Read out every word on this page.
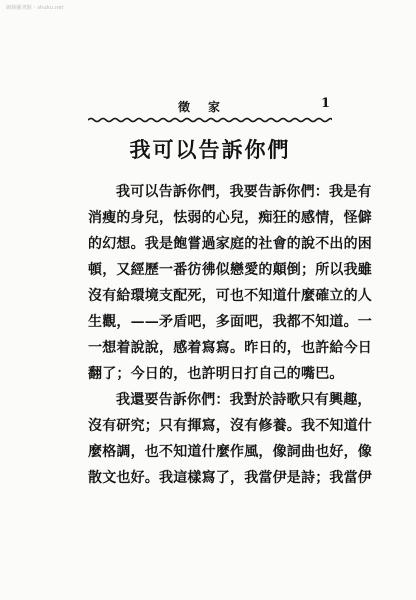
網絡圖書館 · shuku.net
徵家	1
我可以告訴你們
我可以告訴你們，我要告訴你們：我是有
消瘦的身兒，怯弱的心兒，痴狂的感情，怪僻
的幻想。我是飽嘗過家庭的社會的說不出的困
頓，又經歷一番彷彿似戀愛的顛倒；所以我雖
沒有給環境支配死，可也不知道什麼確立的人
生觀，——矛盾吧，多面吧，我都不知道。一
一想着說說，感着寫寫。昨日的，也許給今日
翻了；今日的，也許明日打自己的嘴巴。
我還要告訴你們：我對於詩歌只有興趣，
沒有研究；只有揮寫，沒有修養。我不知道什
麼格調，也不知道什麼作風，像詞曲也好，像
散文也好。我這樣寫了，我當伊是詩；我當伊
